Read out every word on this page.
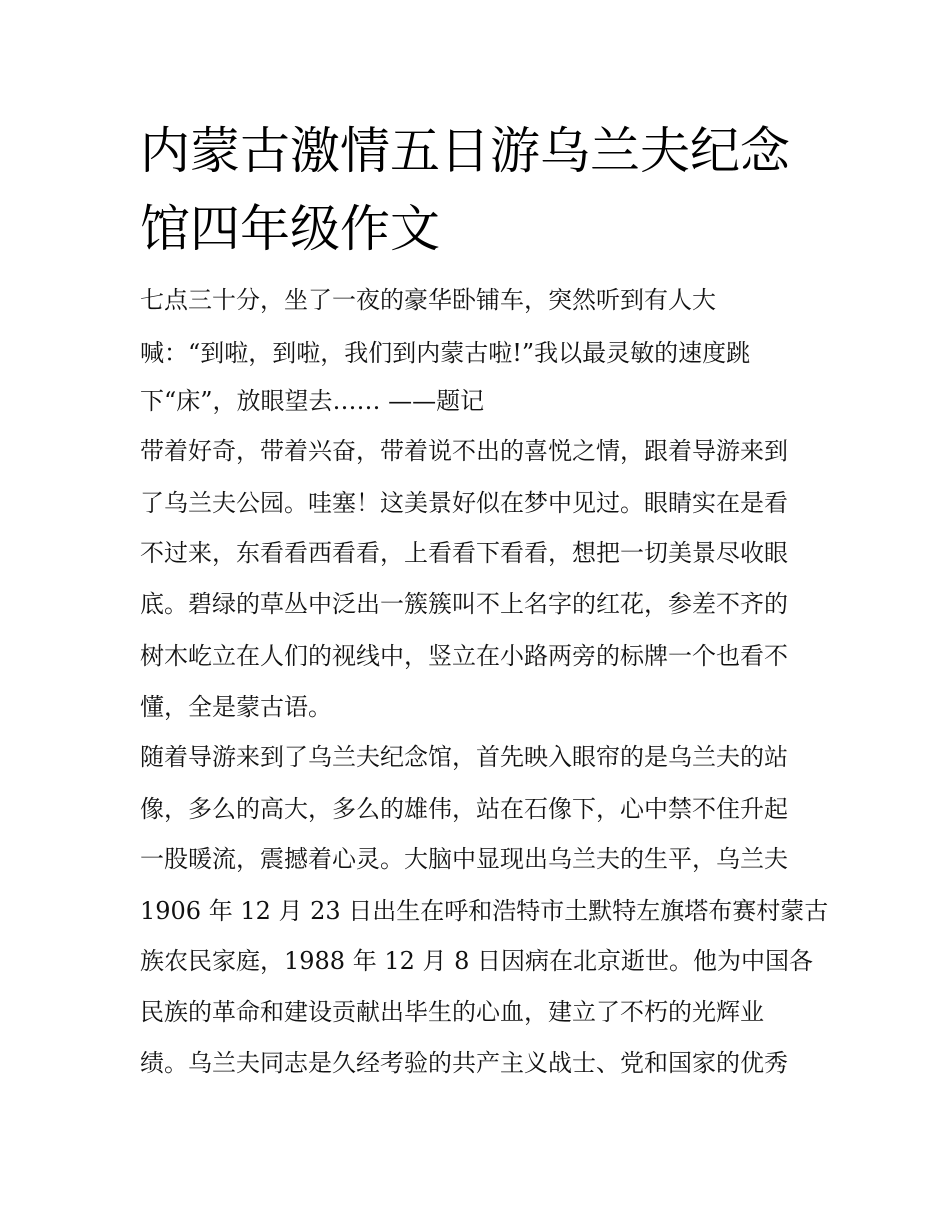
内蒙古激情五日游乌兰夫纪念
馆四年级作文

七点三十分，坐了一夜的豪华卧铺车，突然听到有人大

喊：“到啦，到啦，我们到内蒙古啦!”我以最灵敏的速度跳

下“床”，放眼望去…… ——题记

带着好奇，带着兴奋，带着说不出的喜悦之情，跟着导游来到

了乌兰夫公园。哇塞！这美景好似在梦中见过。眼睛实在是看

不过来，东看看西看看，上看看下看看，想把一切美景尽收眼

底。碧绿的草丛中泛出一簇簇叫不上名字的红花，参差不齐的

树木屹立在人们的视线中，竖立在小路两旁的标牌一个也看不

懂，全是蒙古语。

随着导游来到了乌兰夫纪念馆，首先映入眼帘的是乌兰夫的站

像，多么的高大，多么的雄伟，站在石像下，心中禁不住升起

一股暖流，震撼着心灵。大脑中显现出乌兰夫的生平，乌兰夫

1906 年 12 月 23 日出生在呼和浩特市土默特左旗塔布赛村蒙古

族农民家庭，1988 年 12 月 8 日因病在北京逝世。他为中国各

民族的革命和建设贡献出毕生的心血，建立了不朽的光辉业

绩。乌兰夫同志是久经考验的共产主义战士、党和国家的优秀
